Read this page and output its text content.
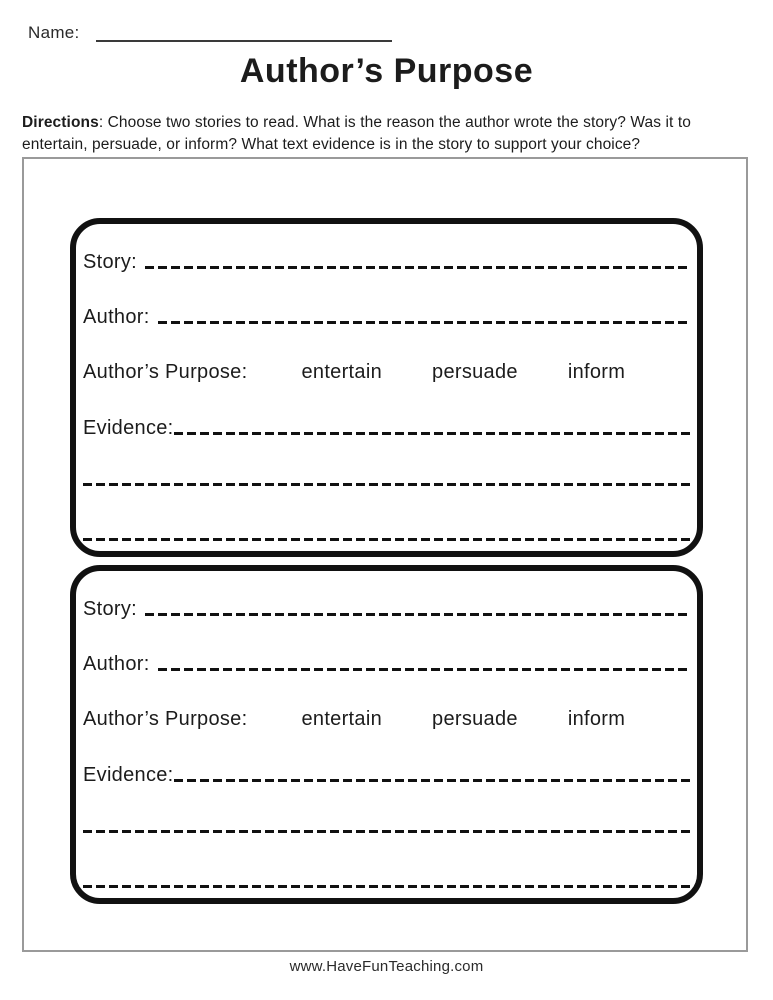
Name:
Author’s Purpose
Directions: Choose two stories to read. What is the reason the author wrote the story? Was it to entertain, persuade, or inform? What text evidence is in the story to support your choice?
Story:
Author:
Author’s Purpose:	entertain	persuade	inform
Evidence:
Story:
Author:
Author’s Purpose:	entertain	persuade	inform
Evidence:
www.HaveFunTeaching.com
